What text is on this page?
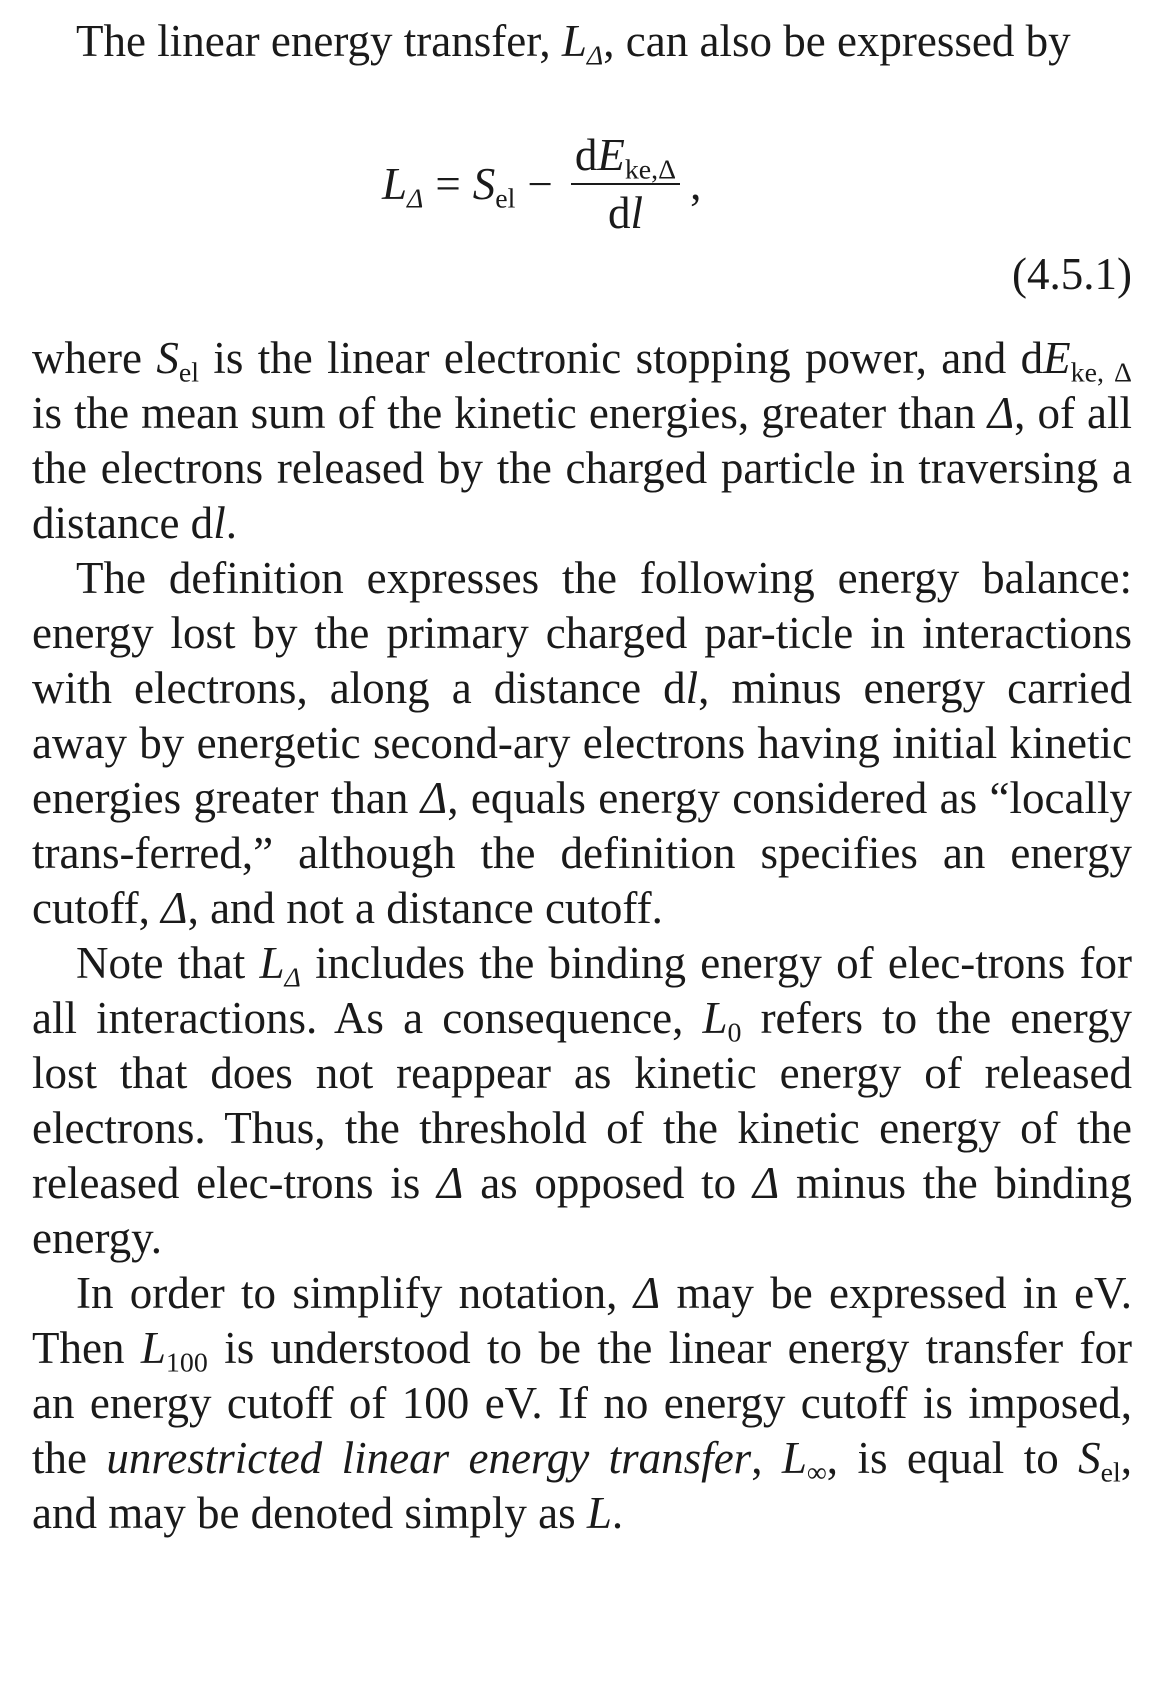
The linear energy transfer, $L_\Delta$, can also be expressed by

$L_\Delta = S_{el} - \frac{dE_{ke,\Delta}}{dl}$ ,
(4.5.1)

where $S_{el}$ is the linear electronic stopping power, and $dE_{ke, \Delta}$ is the mean sum of the kinetic energies, greater than Δ, of all the electrons released by the charged particle in traversing a distance dl.

The definition expresses the following energy balance: energy lost by the primary charged par-ticle in interactions with electrons, along a distance dl, minus energy carried away by energetic second-ary electrons having initial kinetic energies greater than Δ, equals energy considered as “locally trans-ferred,” although the definition specifies an energy cutoff, Δ, and not a distance cutoff.

Note that $L_\Delta$ includes the binding energy of elec-trons for all interactions. As a consequence, $L_0$ refers to the energy lost that does not reappear as kinetic energy of released electrons. Thus, the threshold of the kinetic energy of the released elec-trons is Δ as opposed to Δ minus the binding energy.

In order to simplify notation, Δ may be expressed in eV. Then $L_{100}$ is understood to be the linear energy transfer for an energy cutoff of 100 eV. If no energy cutoff is imposed, the unrestricted linear energy transfer, $L_\infty$, is equal to $S_{el}$, and may be denoted simply as L.
